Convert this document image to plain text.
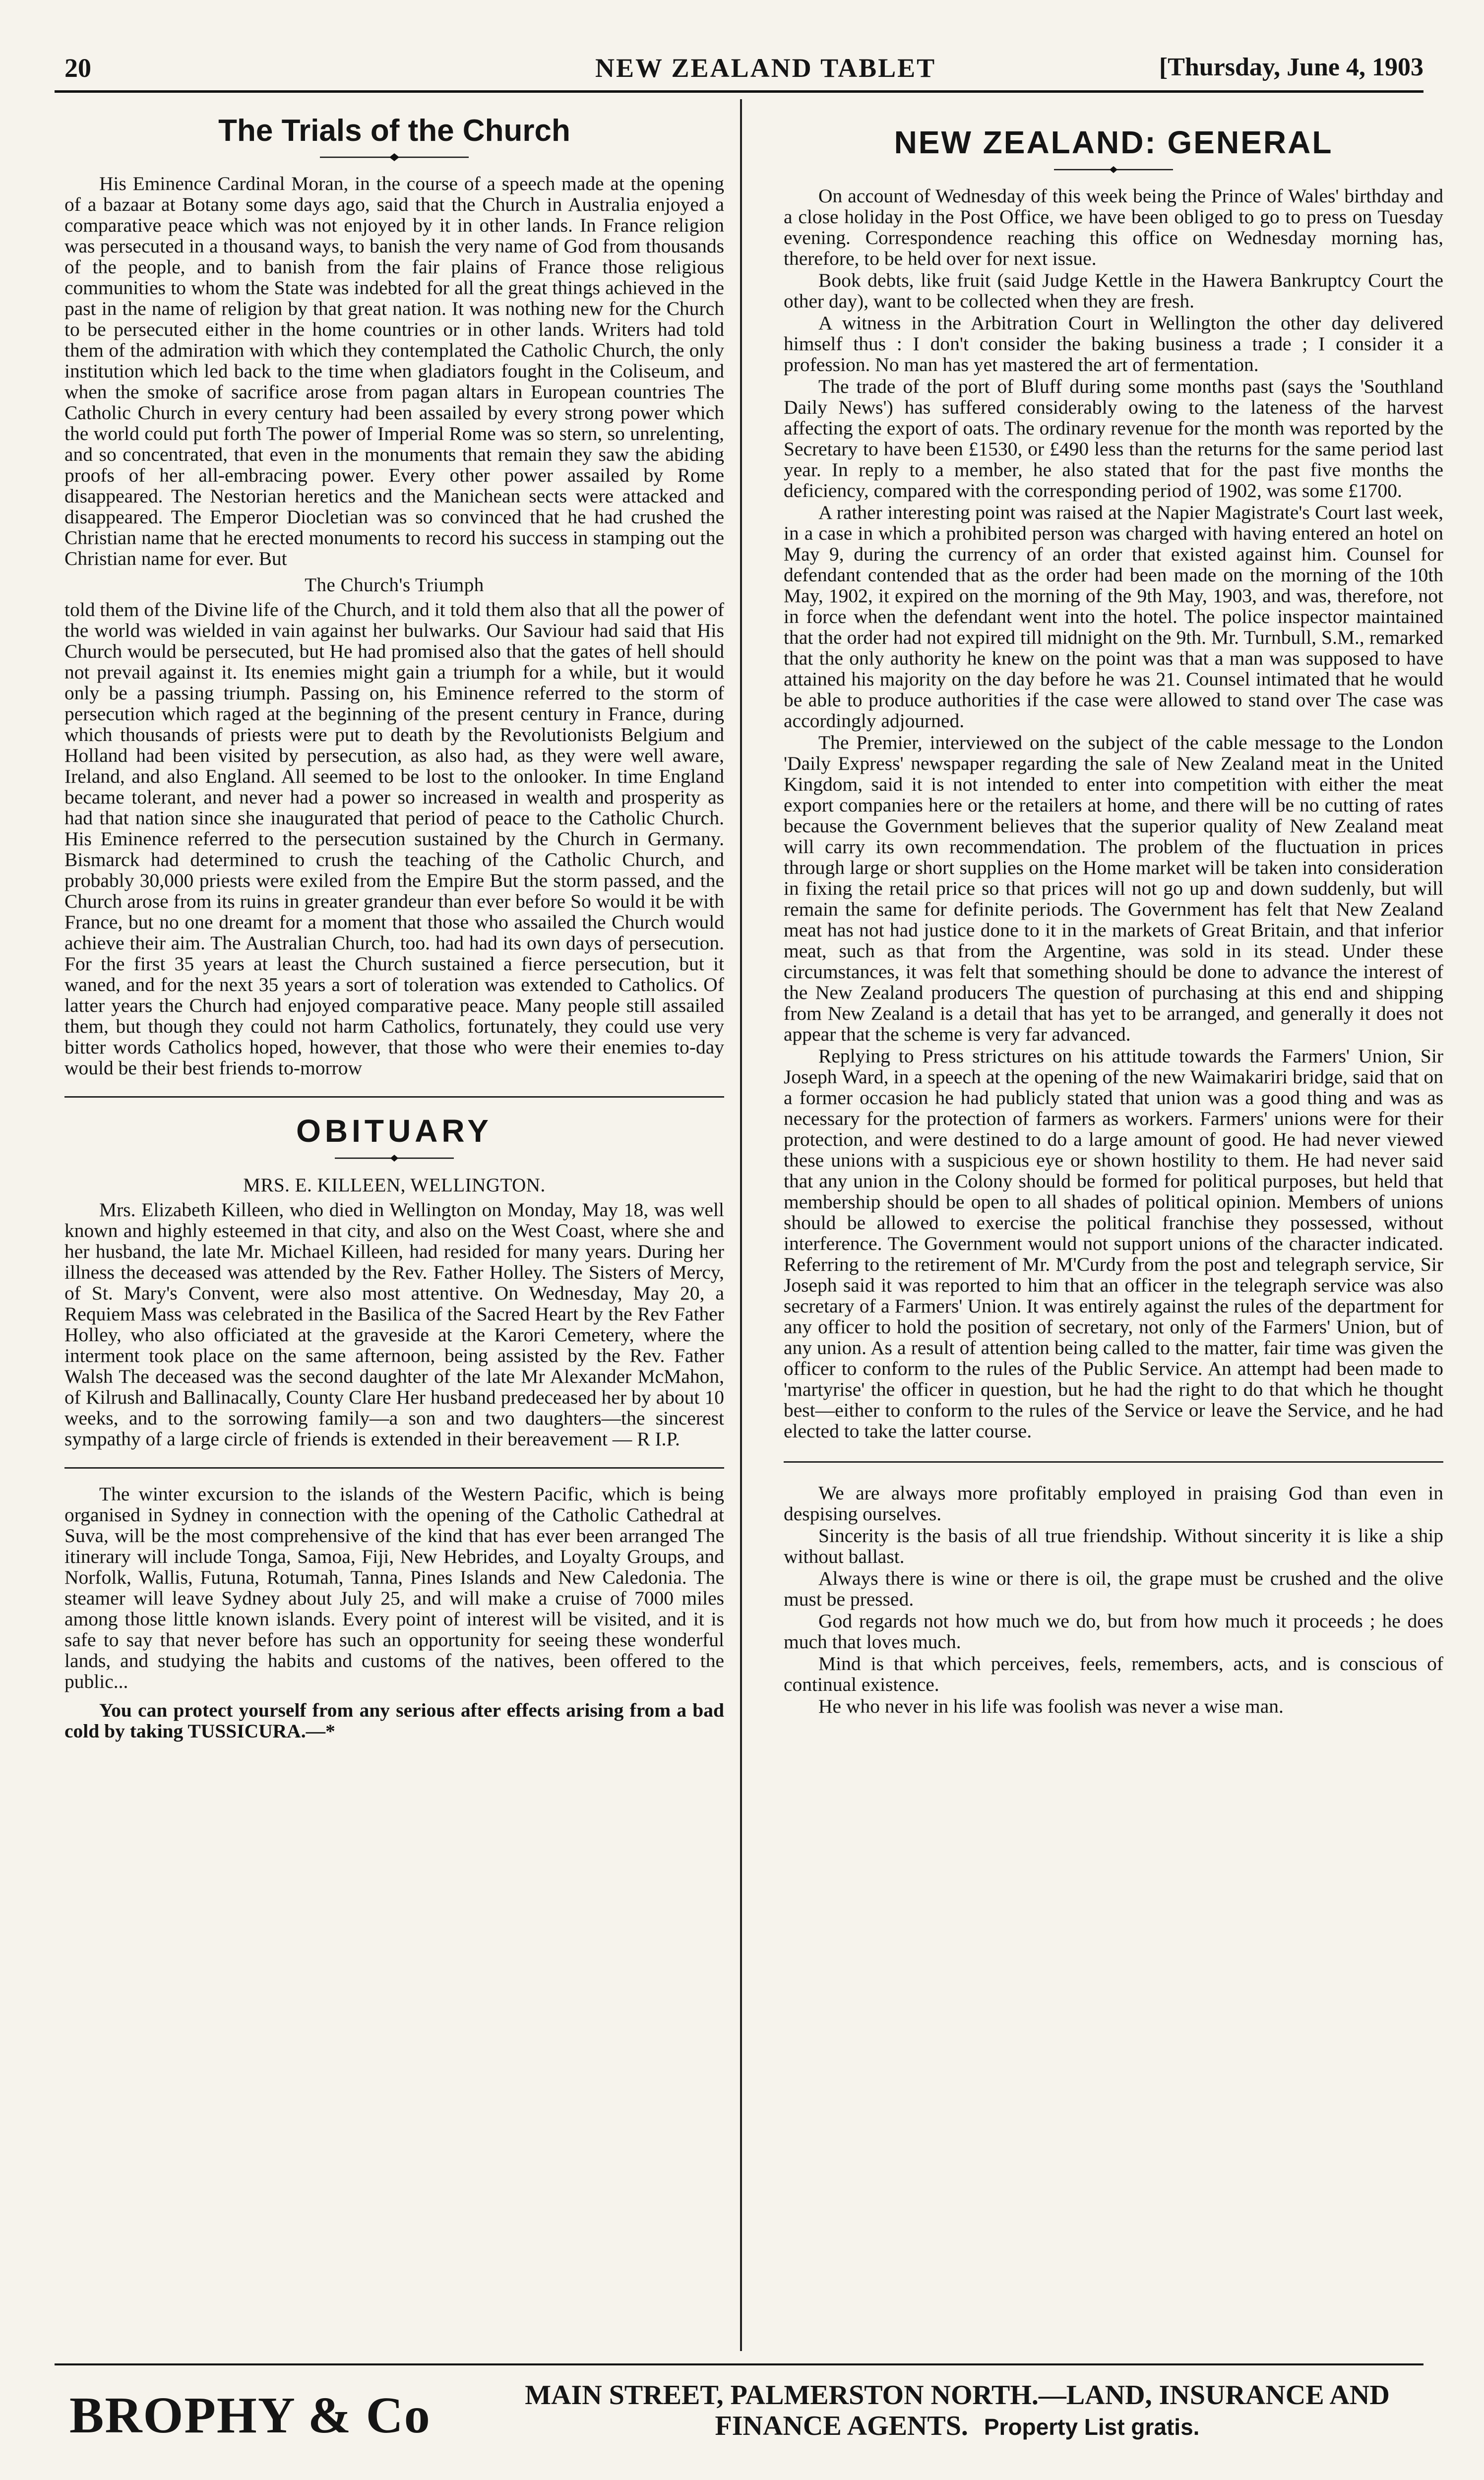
20	NEW ZEALAND TABLET	[Thursday, June 4, 1903
The Trials of the Church

His Eminence Cardinal Moran, in the course of a speech made at the opening of a bazaar at Botany some days ago, said that the Church in Australia enjoyed a comparative peace which was not enjoyed by it in other lands. In France religion was persecuted in a thousand ways, to banish the very name of God from thousands of the people, and to banish from the fair plains of France those religious communities to whom the State was indebted for all the great things achieved in the past in the name of religion by that great nation. It was nothing new for the Church to be persecuted either in the home countries or in other lands. Writers had told them of the admiration with which they contemplated the Catholic Church, the only institution which led back to the time when gladiators fought in the Coliseum, and when the smoke of sacrifice arose from pagan altars in European countries The Catholic Church in every century had been assailed by every strong power which the world could put forth The power of Imperial Rome was so stern, so unrelenting, and so concentrated, that even in the monuments that remain they saw the abiding proofs of her all-embracing power. Every other power assailed by Rome disappeared. The Nestorian heretics and the Manichean sects were attacked and disappeared. The Emperor Diocletian was so convinced that he had crushed the Christian name that he erected monuments to record his success in stamping out the Christian name for ever. But

The Church's Triumph

told them of the Divine life of the Church, and it told them also that all the power of the world was wielded in vain against her bulwarks. Our Saviour had said that His Church would be persecuted, but He had promised also that the gates of hell should not prevail against it. Its enemies might gain a triumph for a while, but it would only be a passing triumph. Passing on, his Eminence referred to the storm of persecution which raged at the beginning of the present century in France, during which thousands of priests were put to death by the Revolutionists Belgium and Holland had been visited by persecution, as also had, as they were well aware, Ireland, and also England. All seemed to be lost to the onlooker. In time England became tolerant, and never had a power so increased in wealth and prosperity as had that nation since she inaugurated that period of peace to the Catholic Church. His Eminence referred to the persecution sustained by the Church in Germany. Bismarck had determined to crush the teaching of the Catholic Church, and probably 30,000 priests were exiled from the Empire But the storm passed, and the Church arose from its ruins in greater grandeur than ever before So would it be with France, but no one dreamt for a moment that those who assailed the Church would achieve their aim. The Australian Church, too. had had its own days of persecution. For the first 35 years at least the Church sustained a fierce persecution, but it waned, and for the next 35 years a sort of toleration was extended to Catholics. Of latter years the Church had enjoyed comparative peace. Many people still assailed them, but though they could not harm Catholics, fortunately, they could use very bitter words Catholics hoped, however, that those who were their enemies to-day would be their best friends to-morrow

OBITUARY
MRS. E. KILLEEN, WELLINGTON.

Mrs. Elizabeth Killeen, who died in Wellington on Monday, May 18, was well known and highly esteemed in that city, and also on the West Coast, where she and her husband, the late Mr. Michael Killeen, had resided for many years. During her illness the deceased was attended by the Rev. Father Holley. The Sisters of Mercy, of St. Mary's Convent, were also most attentive. On Wednesday, May 20, a Requiem Mass was celebrated in the Basilica of the Sacred Heart by the Rev Father Holley, who also officiated at the graveside at the Karori Cemetery, where the interment took place on the same afternoon, being assisted by the Rev. Father Walsh The deceased was the second daughter of the late Mr Alexander McMahon, of Kilrush and Ballinacally, County Clare Her husband predeceased her by about 10 weeks, and to the sorrowing family—a son and two daughters—the sincerest sympathy of a large circle of friends is extended in their bereavement — R I.P.

The winter excursion to the islands of the Western Pacific, which is being organised in Sydney in connection with the opening of the Catholic Cathedral at Suva, will be the most comprehensive of the kind that has ever been arranged The itinerary will include Tonga, Samoa, Fiji, New Hebrides, and Loyalty Groups, and Norfolk, Wallis, Futuna, Rotumah, Tanna, Pines Islands and New Caledonia. The steamer will leave Sydney about July 25, and will make a cruise of 7000 miles among those little known islands. Every point of interest will be visited, and it is safe to say that never before has such an opportunity for seeing these wonderful lands, and studying the habits and customs of the natives, been offered to the public...

You can protect yourself from any serious after effects arising from a bad cold by taking TUSSICURA.—*

NEW ZEALAND: GENERAL

On account of Wednesday of this week being the Prince of Wales' birthday and a close holiday in the Post Office, we have been obliged to go to press on Tuesday evening. Correspondence reaching this office on Wednesday morning has, therefore, to be held over for next issue.

Book debts, like fruit (said Judge Kettle in the Hawera Bankruptcy Court the other day), want to be collected when they are fresh.

A witness in the Arbitration Court in Wellington the other day delivered himself thus : I don't consider the baking business a trade ; I consider it a profession. No man has yet mastered the art of fermentation.

The trade of the port of Bluff during some months past (says the 'Southland Daily News') has suffered considerably owing to the lateness of the harvest affecting the export of oats. The ordinary revenue for the month was reported by the Secretary to have been £1530, or £490 less than the returns for the same period last year. In reply to a member, he also stated that for the past five months the deficiency, compared with the corresponding period of 1902, was some £1700.

A rather interesting point was raised at the Napier Magistrate's Court last week, in a case in which a prohibited person was charged with having entered an hotel on May 9, during the currency of an order that existed against him. Counsel for defendant contended that as the order had been made on the morning of the 10th May, 1902, it expired on the morning of the 9th May, 1903, and was, therefore, not in force when the defendant went into the hotel. The police inspector maintained that the order had not expired till midnight on the 9th. Mr. Turnbull, S.M., remarked that the only authority he knew on the point was that a man was supposed to have attained his majority on the day before he was 21. Counsel intimated that he would be able to produce authorities if the case were allowed to stand over The case was accordingly adjourned.

The Premier, interviewed on the subject of the cable message to the London 'Daily Express' newspaper regarding the sale of New Zealand meat in the United Kingdom, said it is not intended to enter into competition with either the meat export companies here or the retailers at home, and there will be no cutting of rates because the Government believes that the superior quality of New Zealand meat will carry its own recommendation. The problem of the fluctuation in prices through large or short supplies on the Home market will be taken into consideration in fixing the retail price so that prices will not go up and down suddenly, but will remain the same for definite periods. The Government has felt that New Zealand meat has not had justice done to it in the markets of Great Britain, and that inferior meat, such as that from the Argentine, was sold in its stead. Under these circumstances, it was felt that something should be done to advance the interest of the New Zealand producers The question of purchasing at this end and shipping from New Zealand is a detail that has yet to be arranged, and generally it does not appear that the scheme is very far advanced.

Replying to Press strictures on his attitude towards the Farmers' Union, Sir Joseph Ward, in a speech at the opening of the new Waimakariri bridge, said that on a former occasion he had publicly stated that union was a good thing and was as necessary for the protection of farmers as workers. Farmers' unions were for their protection, and were destined to do a large amount of good. He had never viewed these unions with a suspicious eye or shown hostility to them. He had never said that any union in the Colony should be formed for political purposes, but held that membership should be open to all shades of political opinion. Members of unions should be allowed to exercise the political franchise they possessed, without interference. The Government would not support unions of the character indicated. Referring to the retirement of Mr. M'Curdy from the post and telegraph service, Sir Joseph said it was reported to him that an officer in the telegraph service was also secretary of a Farmers' Union. It was entirely against the rules of the department for any officer to hold the position of secretary, not only of the Farmers' Union, but of any union. As a result of attention being called to the matter, fair time was given the officer to conform to the rules of the Public Service. An attempt had been made to 'martyrise' the officer in question, but he had the right to do that which he thought best—either to conform to the rules of the Service or leave the Service, and he had elected to take the latter course.

We are always more profitably employed in praising God than even in despising ourselves.

Sincerity is the basis of all true friendship. Without sincerity it is like a ship without ballast.

Always there is wine or there is oil, the grape must be crushed and the olive must be pressed.

God regards not how much we do, but from how much it proceeds ; he does much that loves much.

Mind is that which perceives, feels, remembers, acts, and is conscious of continual existence.

He who never in his life was foolish was never a wise man.

BROPHY & Co	MAIN STREET, PALMERSTON NORTH.—LAND, INSURANCE AND
FINANCE AGENTS. Property List gratis.
